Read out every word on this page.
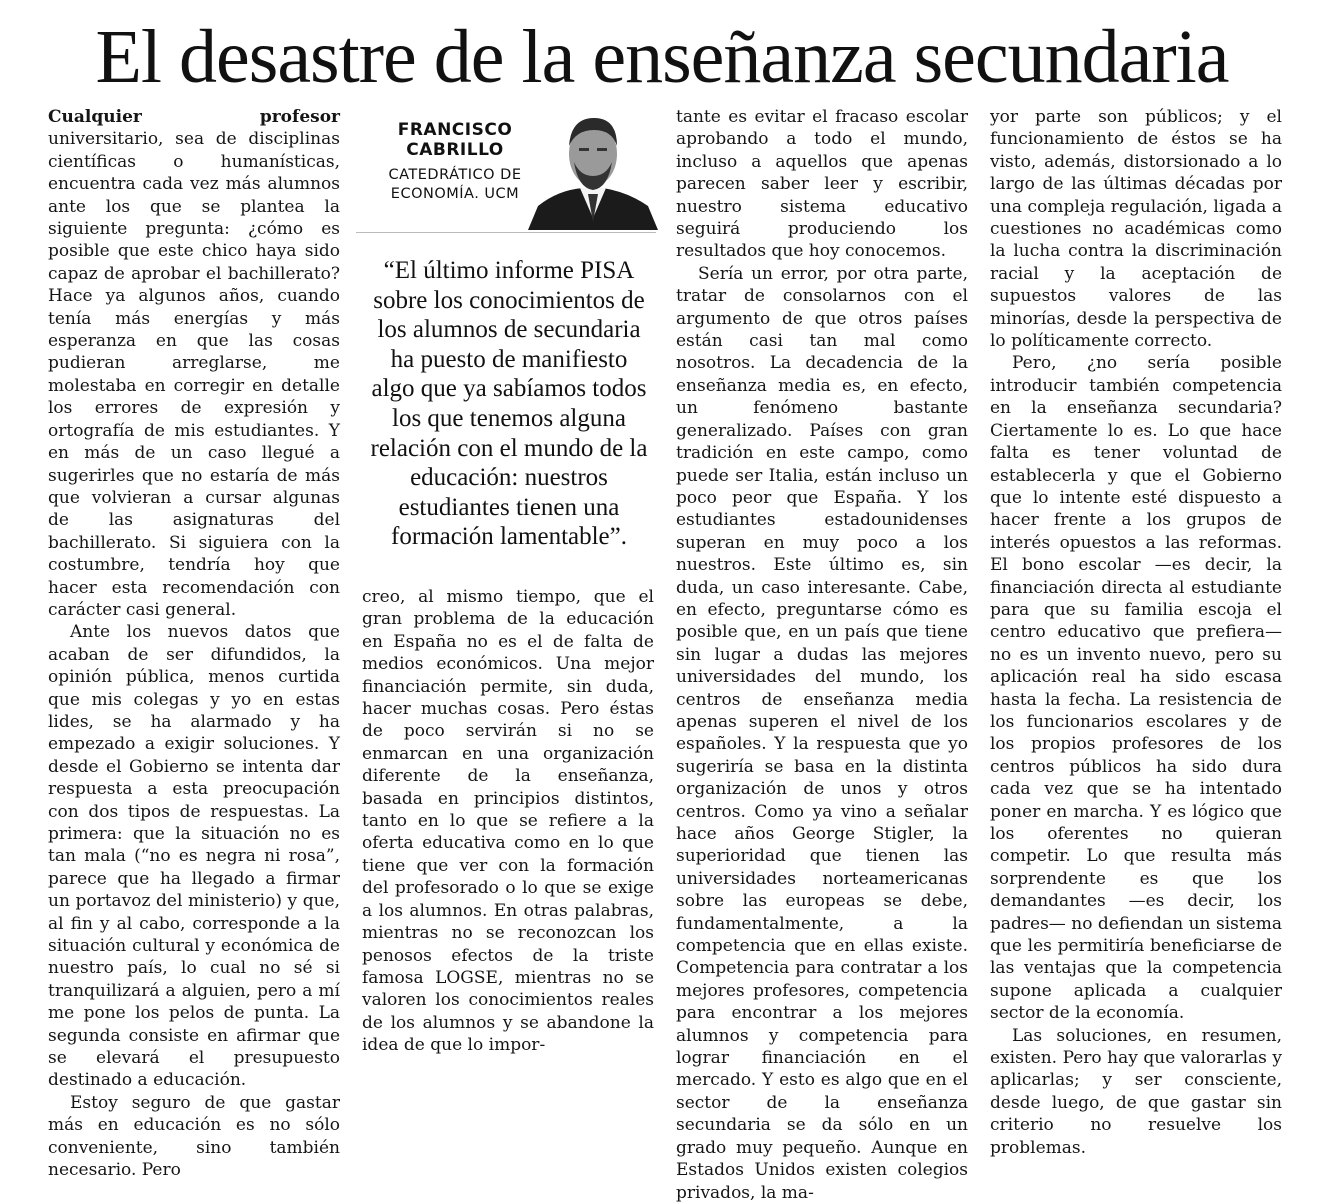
El desastre de la enseñanza secundaria

Cualquier profesor universitario, sea de disciplinas científicas o humanísticas, encuentra cada vez más alumnos ante los que se plantea la siguiente pregunta: ¿cómo es posible que este chico haya sido capaz de aprobar el bachillerato? Hace ya algunos años, cuando tenía más energías y más esperanza en que las cosas pudieran arreglarse, me molestaba en corregir en detalle los errores de expresión y ortografía de mis estudiantes. Y en más de un caso llegué a sugerirles que no estaría de más que volvieran a cursar algunas de las asignaturas del bachillerato. Si siguiera con la costumbre, tendría hoy que hacer esta recomendación con carácter casi general.

Ante los nuevos datos que acaban de ser difundidos, la opinión pública, menos curtida que mis colegas y yo en estas lides, se ha alarmado y ha empezado a exigir soluciones. Y desde el Gobierno se intenta dar respuesta a esta preocupación con dos tipos de respuestas. La primera: que la situación no es tan mala (“no es negra ni rosa”, parece que ha llegado a firmar un portavoz del ministerio) y que, al fin y al cabo, corresponde a la situación cultural y económica de nuestro país, lo cual no sé si tranquilizará a alguien, pero a mí me pone los pelos de punta. La segunda consiste en afirmar que se elevará el presupuesto destinado a educación.

Estoy seguro de que gastar más en educación es no sólo conveniente, sino también necesario. Pero

FRANCISCO CABRILLO
CATEDRÁTICO DE ECONOMÍA. UCM
“El último informe PISA sobre los conocimientos de los alumnos de secundaria ha puesto de manifiesto algo que ya sabíamos todos los que tenemos alguna relación con el mundo de la educación: nuestros estudiantes tienen una formación lamentable”.

creo, al mismo tiempo, que el gran problema de la educación en España no es el de falta de medios económicos. Una mejor financiación permite, sin duda, hacer muchas cosas. Pero éstas de poco servirán si no se enmarcan en una organización diferente de la enseñanza, basada en principios distintos, tanto en lo que se refiere a la oferta educativa como en lo que tiene que ver con la formación del profesorado o lo que se exige a los alumnos. En otras palabras, mientras no se reconozcan los penosos efectos de la triste famosa LOGSE, mientras no se valoren los conocimientos reales de los alumnos y se abandone la idea de que lo impor-

tante es evitar el fracaso escolar aprobando a todo el mundo, incluso a aquellos que apenas parecen saber leer y escribir, nuestro sistema educativo seguirá produciendo los resultados que hoy conocemos.

Sería un error, por otra parte, tratar de consolarnos con el argumento de que otros países están casi tan mal como nosotros. La decadencia de la enseñanza media es, en efecto, un fenómeno bastante generalizado. Países con gran tradición en este campo, como puede ser Italia, están incluso un poco peor que España. Y los estudiantes estadounidenses superan en muy poco a los nuestros. Este último es, sin duda, un caso interesante. Cabe, en efecto, preguntarse cómo es posible que, en un país que tiene sin lugar a dudas las mejores universidades del mundo, los centros de enseñanza media apenas superen el nivel de los españoles. Y la respuesta que yo sugeriría se basa en la distinta organización de unos y otros centros. Como ya vino a señalar hace años George Stigler, la superioridad que tienen las universidades norteamericanas sobre las europeas se debe, fundamentalmente, a la competencia que en ellas existe. Competencia para contratar a los mejores profesores, competencia para encontrar a los mejores alumnos y competencia para lograr financiación en el mercado. Y esto es algo que en el sector de la enseñanza secundaria se da sólo en un grado muy pequeño. Aunque en Estados Unidos existen colegios privados, la ma-

yor parte son públicos; y el funcionamiento de éstos se ha visto, además, distorsionado a lo largo de las últimas décadas por una compleja regulación, ligada a cuestiones no académicas como la lucha contra la discriminación racial y la aceptación de supuestos valores de las minorías, desde la perspectiva de lo políticamente correcto.

Pero, ¿no sería posible introducir también competencia en la enseñanza secundaria? Ciertamente lo es. Lo que hace falta es tener voluntad de establecerla y que el Gobierno que lo intente esté dispuesto a hacer frente a los grupos de interés opuestos a las reformas. El bono escolar —es decir, la financiación directa al estudiante para que su familia escoja el centro educativo que prefiera— no es un invento nuevo, pero su aplicación real ha sido escasa hasta la fecha. La resistencia de los funcionarios escolares y de los propios profesores de los centros públicos ha sido dura cada vez que se ha intentado poner en marcha. Y es lógico que los oferentes no quieran competir. Lo que resulta más sorprendente es que los demandantes —es decir, los padres— no defiendan un sistema que les permitiría beneficiarse de las ventajas que la competencia supone aplicada a cualquier sector de la economía.

Las soluciones, en resumen, existen. Pero hay que valorarlas y aplicarlas; y ser consciente, desde luego, de que gastar sin criterio no resuelve los problemas.
